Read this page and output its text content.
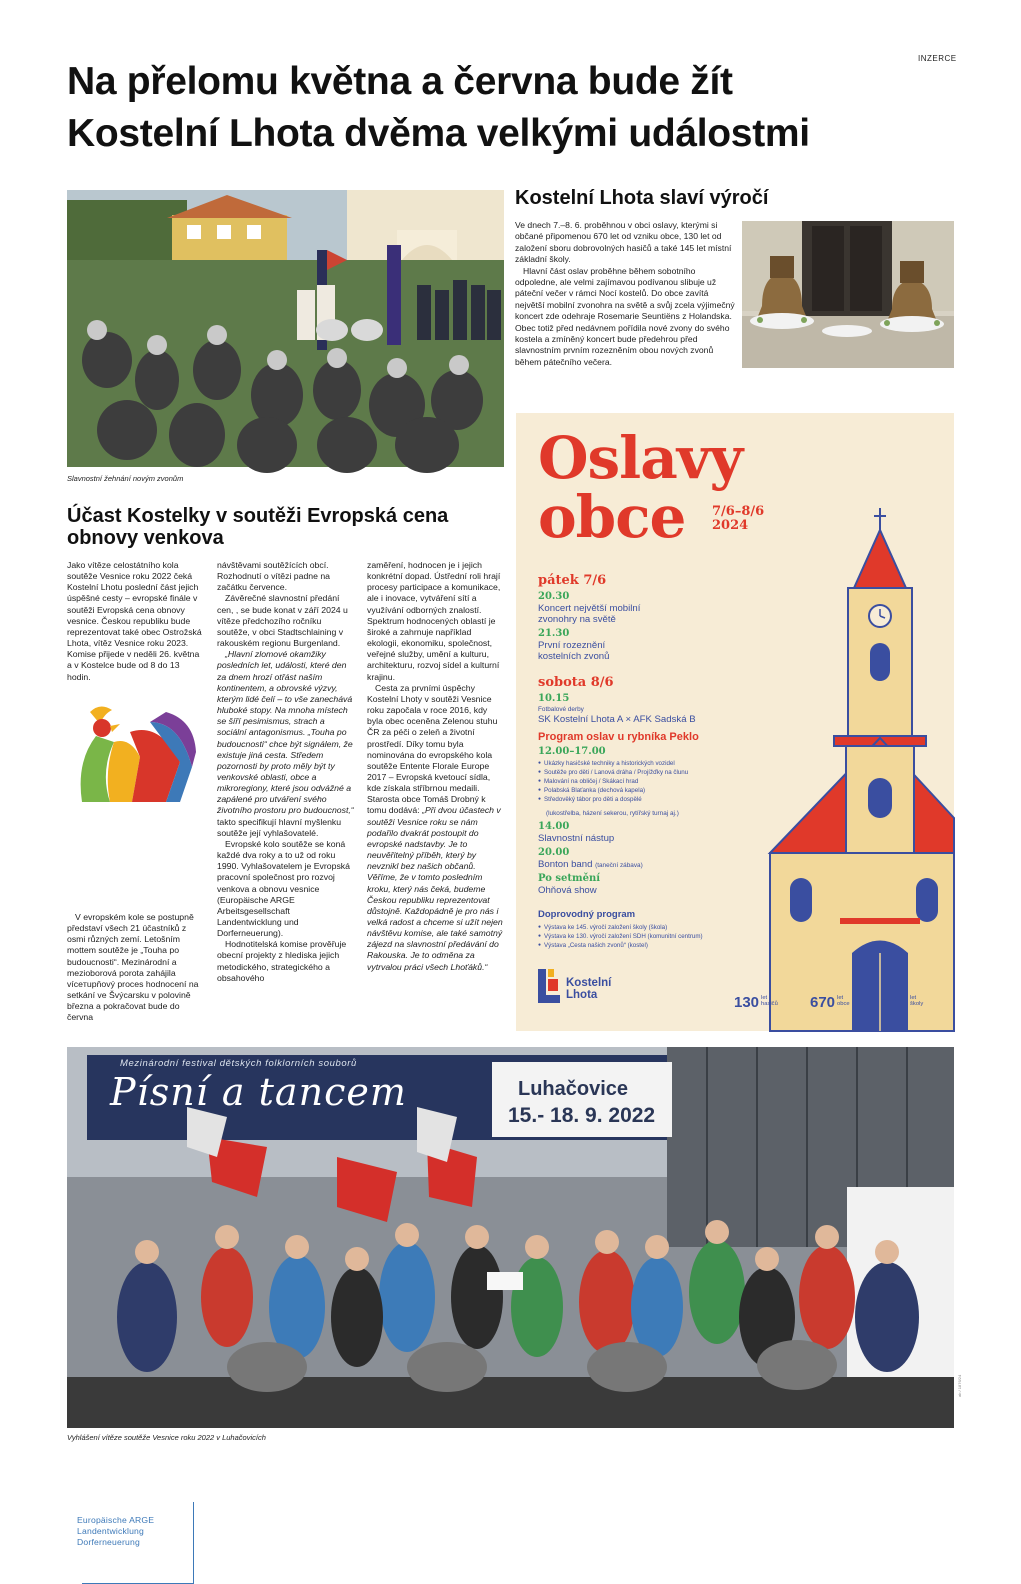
INZERCE
Na přelomu května a června bude žít
Kostelní Lhota dvěma velkými událostmi
Slavnostní žehnání novým zvonům
Kostelní Lhota slaví výročí

Ve dnech 7.–8. 6. proběhnou v obci oslavy, kterými si občané připomenou 670 let od vzniku obce, 130 let od založení sboru dobrovolných hasičů a také 145 let místní základní školy.

Hlavní část oslav proběhne během sobotního odpoledne, ale velmi zajímavou podívanou slibuje už páteční večer v rámci Nocí kostelů. Do obce zavítá největší mobilní zvonohra na světě a svůj zcela výjimečný koncert zde odehraje Rosemarie Seuntiëns z Holandska. Obec totiž před nedávnem pořídila nové zvony do svého kostela a zmíněný koncert bude předehrou před slavnostním prvním rozezněním obou nových zvonů během pátečního večera.

Oslavy
obce 7/6–8/6
2024
pátek 7/6
20.30
Koncert největší mobilní
zvonohry na světě
21.30
První rozeznění
kostelních zvonů
sobota 8/6
10.15
Fotbalové derby
SK Kostelní Lhota A × AFK Sadská B
Program oslav u rybníka Peklo
12.00–17.00
● Ukázky hasičské techniky a historických vozidel
● Soutěže pro děti / Lanová dráha / Projížďky na člunu
● Malování na obličej / Skákací hrad
● Polabská Blaťanka (dechová kapela)
● Středověký tábor pro děti a dospělé
(lukostřelba, házení sekerou, rytířský turnaj aj.)
14.00
Slavnostní nástup
20.00
Bonton band (taneční zábava)
Po setmění
Ohňová show
Doprovodný program
● Výstava ke 145. výročí založení školy (škola)
● Výstava ke 130. výročí založení SDH (komunitní centrum)
● Výstava „Cesta našich zvonů“ (kostel)
Kostelní
Lhota	130 let
hasičů 670 let
obce 145 let
školy
Účast Kostelky v soutěži Evropská cena
obnovy venkova

Jako vítěze celostátního kola soutěže Vesnice roku 2022 čeká Kostelní Lhotu poslední část jejich úspěšné cesty – evropské finále v soutěži Evropská cena obnovy vesnice. Českou republiku bude reprezentovat také obec Ostrožská Lhota, vítěz Vesnice roku 2023. Komise přijede v neděli 26. května a v Kostelce bude od 8 do 13 hodin.

Europäische ARGE
Landentwicklung
Dorferneuerung

V evropském kole se postupně představí všech 21 účastníků z osmi různých zemí. Letošním mottem soutěže je „Touha po budoucnosti“. Mezinárodní a mezioborová porota zahájila víceтupňový proces hodnocení na setkání ve Švýcarsku v polovině března a pokračovat bude do června

návštěvami soutěžících obcí. Rozhodnutí o vítězi padne na začátku července.

Závěrečné slavnostní předání cen, , se bude konat v září 2024 u vítěze předchozího ročníku soutěže, v obci Stadtschlaining v rakouském regionu Burgenland.

„Hlavní zlomové okamžiky posledních let, události, které den za dnem hrozí otřást naším kontinentem, a obrovské výzvy, kterým lidé čelí – to vše zanechává hluboké stopy. Na mnoha místech se šíří pesimismus, strach a sociální antagonismus. „Touha po budoucnosti“ chce být signálem, že existuje jiná cesta. Středem pozornosti by proto měly být ty venkovské oblasti, obce a mikroregiony, které jsou odvážné a zapálené pro utváření svého životního prostoru pro budoucnost,“ takto specifikují hlavní myšlenku soutěže její vyhlašovatelé.

Evropské kolo soutěže se koná každé dva roky a to už od roku 1990. Vyhlašovatelem je Evropská pracovní společnost pro rozvoj venkova a obnovu vesnice (Europäische ARGE Arbeitsgesellschaft Landentwicklung und Dorferneuerung).

Hodnotitelská komise prověřuje obecní projekty z hlediska jejich metodického, strategického a obsahového

zaměření, hodnocen je i jejich konkrétní dopad. Ústřední roli hrají procesy participace a komunikace, ale i inovace, vytváření sítí a využívání odborných znalostí. Spektrum hodnocených oblastí je široké a zahrnuje například ekologii, ekonomiku, společnost, veřejné služby, umění a kulturu, architekturu, rozvoj sídel a kulturní krajinu.

Cesta za prvními úspěchy Kostelní Lhoty v soutěži Vesnice roku započala v roce 2016, kdy byla obec oceněna Zelenou stuhu ČR za péči o zeleň a životní prostředí. Díky tomu byla nominována do evropského kola soutěže Entente Florale Europe 2017 – Evropská kvetoucí sídla, kde získala stříbrnou medaili. Starosta obce Tomáš Drobný k tomu dodává: „Při dvou účastech v soutěži Vesnice roku se nám podařilo dvakrát postoupit do evropské nadstavby. Je to neuvěřitelný příběh, který by nevznikl bez našich občanů. Věříme, že v tomto posledním kroku, který nás čeká, budeme Českou republiku reprezentovat důstojně. Každopádně je pro nás i velká radost a chceme si užít nejen návštěvu komise, ale také samotný zájezd na slavnostní předávání do Rakouska. Je to odměna za vytrvalou práci všech Lhoťáků.“

Mezinárodní festival dětských folklorních souborů
Písní a tancem	Luhačovice
15.- 18. 9. 2022
Vyhlášení vítěze soutěže Vesnice roku 2022 v Luhačovicích
ab / 1876/24
